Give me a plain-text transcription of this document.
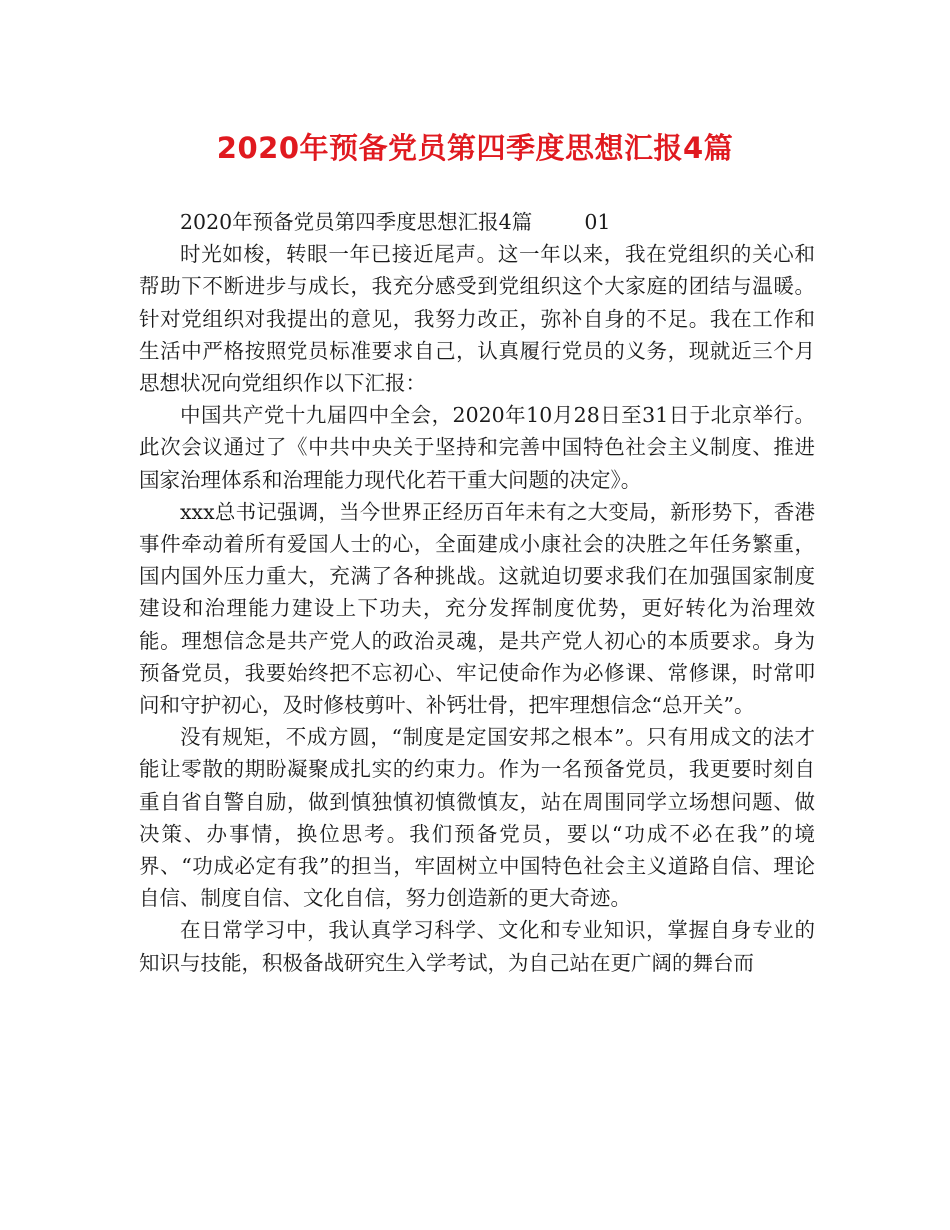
2020年预备党员第四季度思想汇报4篇

2020年预备党员第四季度思想汇报4篇        01

时光如梭，转眼一年已接近尾声。这一年以来，我在党组织的关心和帮助下不断进步与成长，我充分感受到党组织这个大家庭的团结与温暖。针对党组织对我提出的意见，我努力改正，弥补自身的不足。我在工作和生活中严格按照党员标准要求自己，认真履行党员的义务，现就近三个月思想状况向党组织作以下汇报：

中国共产党十九届四中全会，2020年10月28日至31日于北京举行。此次会议通过了《中共中央关于坚持和完善中国特色社会主义制度、推进国家治理体系和治理能力现代化若干重大问题的决定》。

xxx总书记强调，当今世界正经历百年未有之大变局，新形势下，香港事件牵动着所有爱国人士的心，全面建成小康社会的决胜之年任务繁重，国内国外压力重大，充满了各种挑战。这就迫切要求我们在加强国家制度建设和治理能力建设上下功夫，充分发挥制度优势，更好转化为治理效能。理想信念是共产党人的政治灵魂，是共产党人初心的本质要求。身为预备党员，我要始终把不忘初心、牢记使命作为必修课、常修课，时常叩问和守护初心，及时修枝剪叶、补钙壮骨，把牢理想信念“总开关”。

没有规矩，不成方圆，“制度是定国安邦之根本”。只有用成文的法才能让零散的期盼凝聚成扎实的约束力。作为一名预备党员，我更要时刻自重自省自警自励，做到慎独慎初慎微慎友，站在周围同学立场想问题、做决策、办事情，换位思考。我们预备党员，要以“功成不必在我”的境界、“功成必定有我”的担当，牢固树立中国特色社会主义道路自信、理论自信、制度自信、文化自信，努力创造新的更大奇迹。

在日常学习中，我认真学习科学、文化和专业知识，掌握自身专业的知识与技能，积极备战研究生入学考试，为自己站在更广阔的舞台而
